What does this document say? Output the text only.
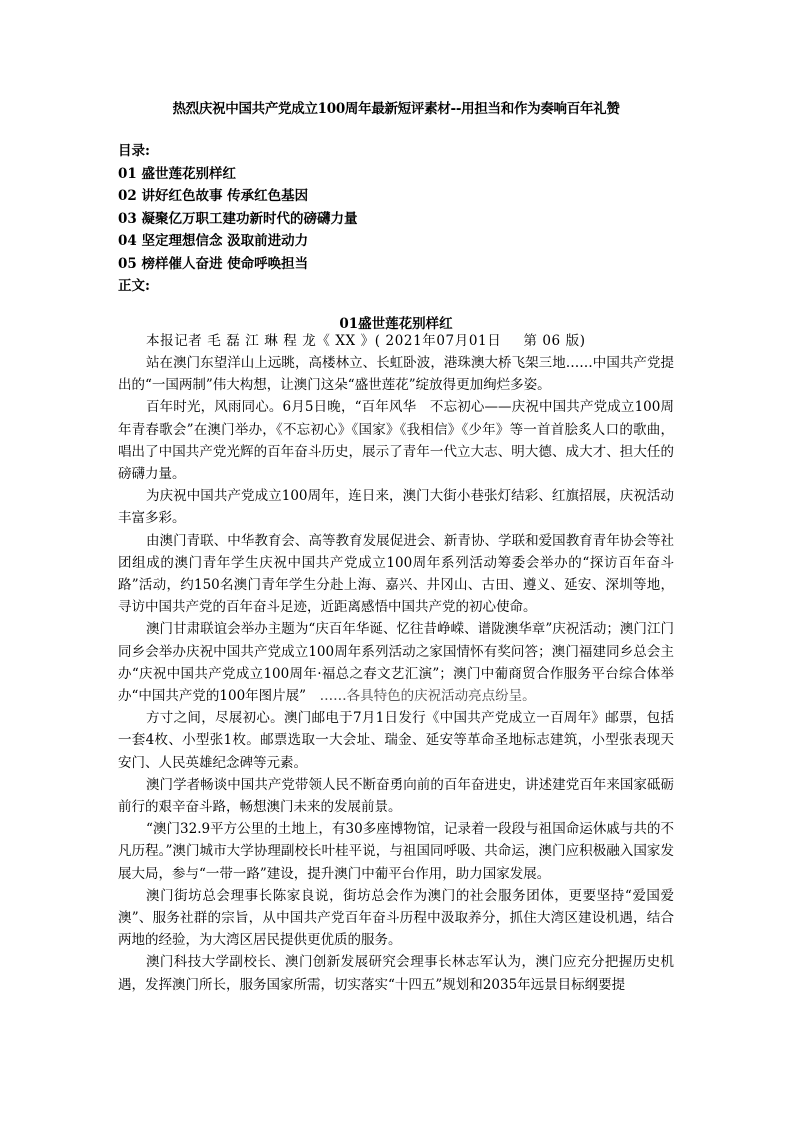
热烈庆祝中国共产党成立100周年最新短评素材--用担当和作为奏响百年礼赞
目录:
01 盛世莲花别样红
02 讲好红色故事 传承红色基因
03 凝聚亿万职工建功新时代的磅礴力量
04 坚定理想信念 汲取前进动力
05 榜样催人奋进 使命呼唤担当
正文:
01盛世莲花别样红
本报记者 毛 磊 江 琳 程 龙《 XX 》( 2021年07月01日 第 06 版)

站在澳门东望洋山上远眺，高楼林立、长虹卧波，港珠澳大桥飞架三地……中国共产党提出的“一国两制”伟大构想，让澳门这朵“盛世莲花”绽放得更加绚烂多姿。

百年时光，风雨同心。6月5日晚，“百年风华　不忘初心——庆祝中国共产党成立100周年青春歌会”在澳门举办，《不忘初心》《国家》《我相信》《少年》等一首首脍炙人口的歌曲，唱出了中国共产党光辉的百年奋斗历史，展示了青年一代立大志、明大德、成大才、担大任的磅礴力量。

为庆祝中国共产党成立100周年，连日来，澳门大街小巷张灯结彩、红旗招展，庆祝活动丰富多彩。

由澳门青联、中华教育会、高等教育发展促进会、新青协、学联和爱国教育青年协会等社团组成的澳门青年学生庆祝中国共产党成立100周年系列活动筹委会举办的“探访百年奋斗路”活动，约150名澳门青年学生分赴上海、嘉兴、井冈山、古田、遵义、延安、深圳等地，寻访中国共产党的百年奋斗足迹，近距离感悟中国共产党的初心使命。

澳门甘肃联谊会举办主题为“庆百年华诞、忆往昔峥嵘、谱陇澳华章”庆祝活动；澳门江门同乡会举办庆祝中国共产党成立100周年系列活动之家国情怀有奖问答；澳门福建同乡总会主办“庆祝中国共产党成立100周年·福总之春文艺汇演”；澳门中葡商贸合作服务平台综合体举办“中国共产党的100年图片展”　……各具特色的庆祝活动亮点纷呈。

方寸之间，尽展初心。澳门邮电于7月1日发行《中国共产党成立一百周年》邮票，包括一套4枚、小型张1枚。邮票选取一大会址、瑞金、延安等革命圣地标志建筑，小型张表现天安门、人民英雄纪念碑等元素。

澳门学者畅谈中国共产党带领人民不断奋勇向前的百年奋进史，讲述建党百年来国家砥砺前行的艰辛奋斗路，畅想澳门未来的发展前景。

“澳门32.9平方公里的土地上，有30多座博物馆，记录着一段段与祖国命运休戚与共的不凡历程。”澳门城市大学协理副校长叶桂平说，与祖国同呼吸、共命运，澳门应积极融入国家发展大局，参与“一带一路”建设，提升澳门中葡平台作用，助力国家发展。

澳门街坊总会理事长陈家良说，街坊总会作为澳门的社会服务团体，更要坚持“爱国爱澳”、服务社群的宗旨，从中国共产党百年奋斗历程中汲取养分，抓住大湾区建设机遇，结合两地的经验，为大湾区居民提供更优质的服务。

澳门科技大学副校长、澳门创新发展研究会理事长林志军认为，澳门应充分把握历史机遇，发挥澳门所长，服务国家所需，切实落实“十四五”规划和2035年远景目标纲要提
